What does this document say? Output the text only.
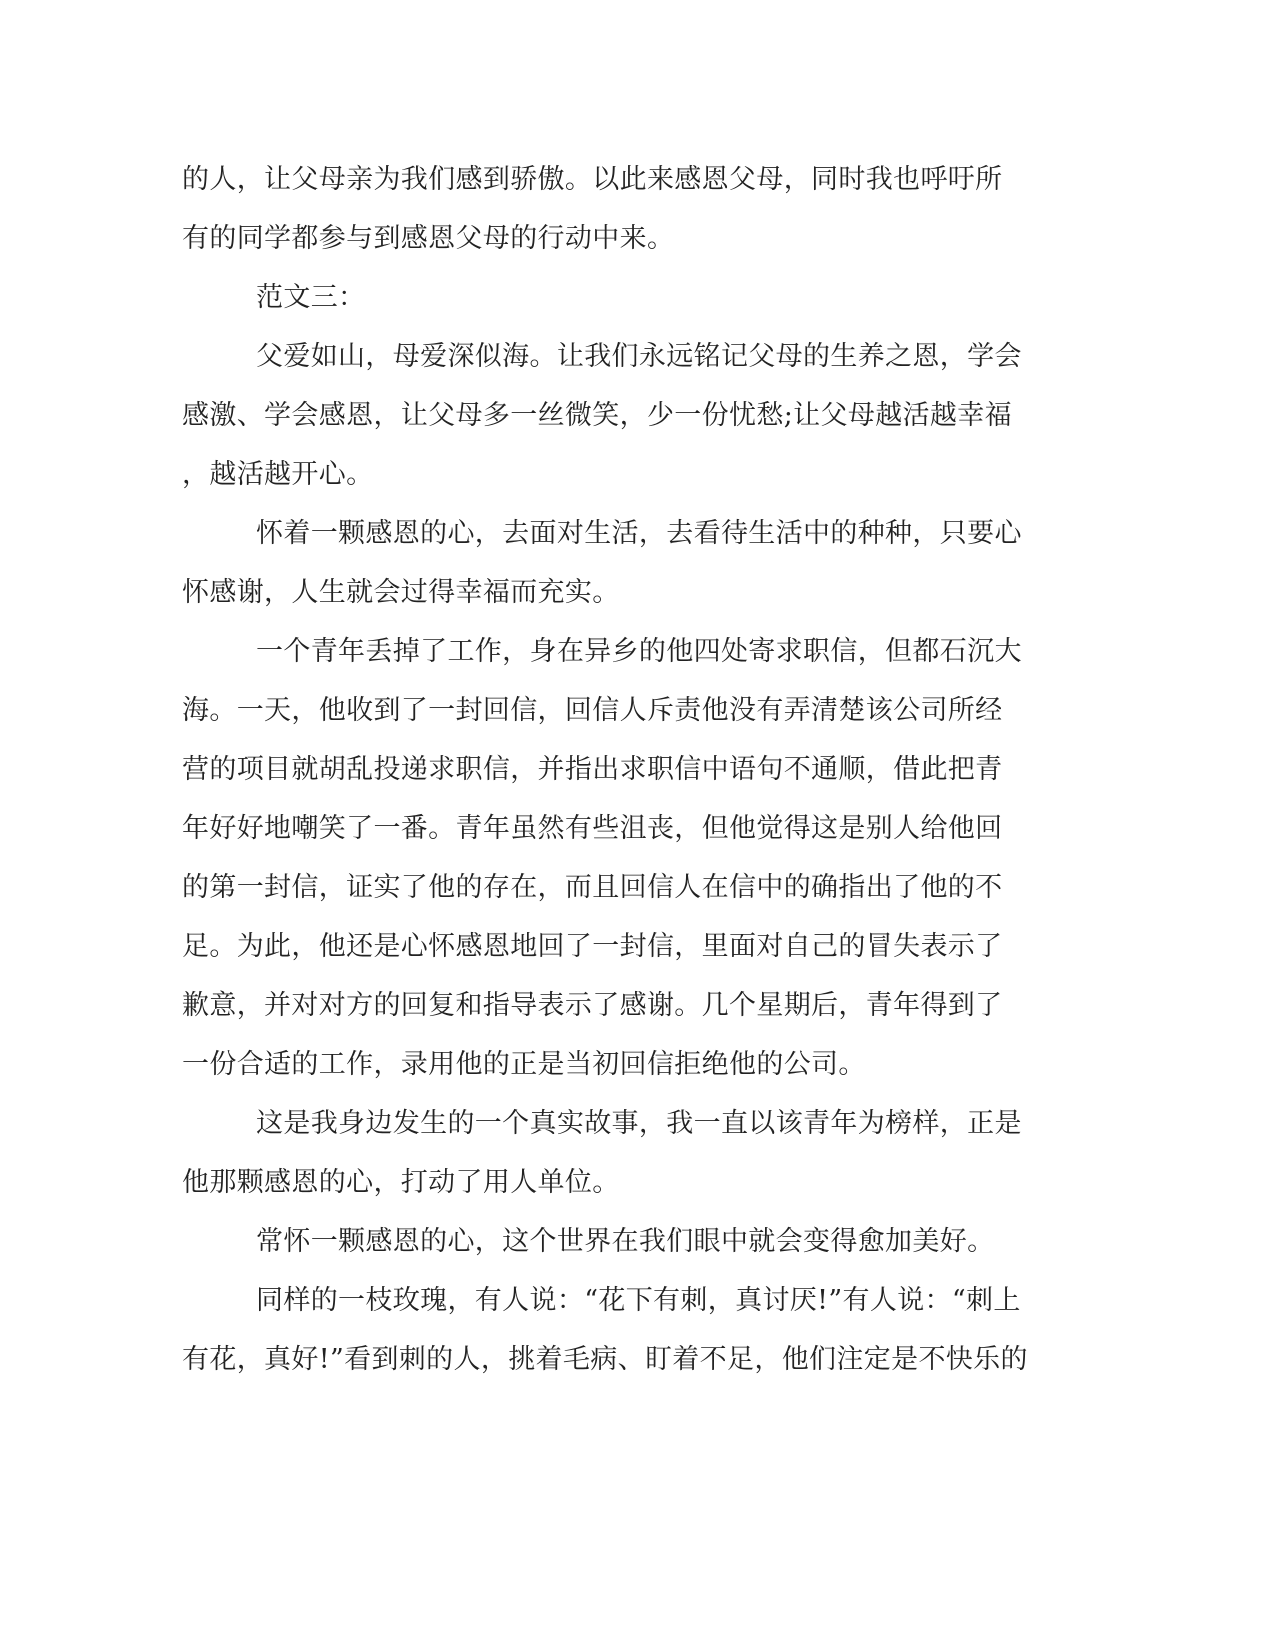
的人，让父母亲为我们感到骄傲。以此来感恩父母，同时我也呼吁所
有的同学都参与到感恩父母的行动中来。
范文三：
父爱如山，母爱深似海。让我们永远铭记父母的生养之恩，学会
感激、学会感恩，让父母多一丝微笑，少一份忧愁;让父母越活越幸福
，越活越开心。
怀着一颗感恩的心，去面对生活，去看待生活中的种种，只要心
怀感谢，人生就会过得幸福而充实。
一个青年丢掉了工作，身在异乡的他四处寄求职信，但都石沉大
海。一天，他收到了一封回信，回信人斥责他没有弄清楚该公司所经
营的项目就胡乱投递求职信，并指出求职信中语句不通顺，借此把青
年好好地嘲笑了一番。青年虽然有些沮丧，但他觉得这是别人给他回
的第一封信，证实了他的存在，而且回信人在信中的确指出了他的不
足。为此，他还是心怀感恩地回了一封信，里面对自己的冒失表示了
歉意，并对对方的回复和指导表示了感谢。几个星期后，青年得到了
一份合适的工作，录用他的正是当初回信拒绝他的公司。
这是我身边发生的一个真实故事，我一直以该青年为榜样，正是
他那颗感恩的心，打动了用人单位。
常怀一颗感恩的心，这个世界在我们眼中就会变得愈加美好。
同样的一枝玫瑰，有人说：“花下有刺，真讨厌!”有人说：“刺上
有花，真好!”看到刺的人，挑着毛病、盯着不足，他们注定是不快乐的
